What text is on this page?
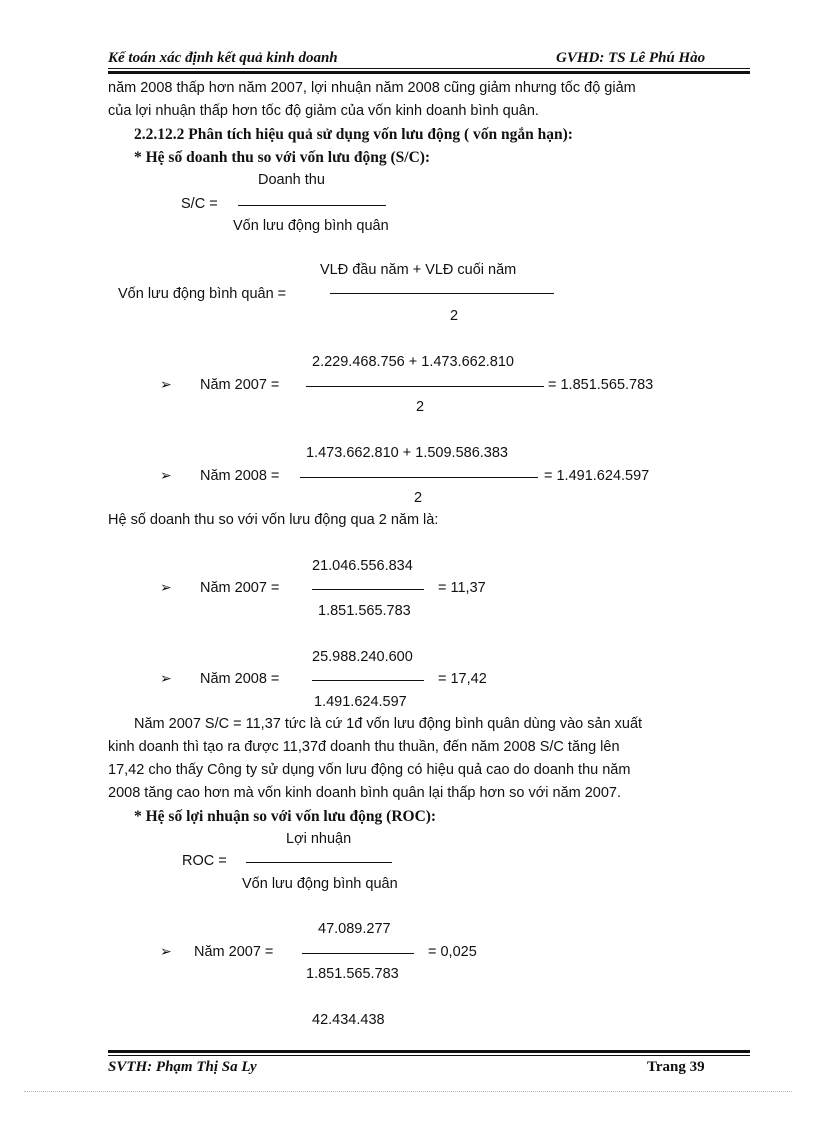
Kế toán xác định kết quả kinh doanh	GVHD: TS Lê Phú Hào
năm 2008 thấp hơn năm 2007, lợi nhuận năm 2008 cũng giảm nhưng tốc độ giảm
của lợi nhuận thấp hơn tốc độ giảm của vốn kinh doanh bình quân.
2.2.12.2 Phân tích hiệu quả sử dụng vốn lưu động ( vốn ngắn hạn):
* Hệ số doanh thu so với vốn lưu động (S/C):
Doanh thu
S/C =
Vốn lưu động bình quân
VLĐ đầu năm + VLĐ cuối năm
Vốn lưu động bình quân =
2
2.229.468.756 + 1.473.662.810
➢ Năm 2007 =	= 1.851.565.783
2
1.473.662.810 + 1.509.586.383
➢ Năm 2008 =	= 1.491.624.597
2
Hệ số doanh thu so với vốn lưu động qua 2 năm là:
21.046.556.834
➢ Năm 2007 =	= 11,37
1.851.565.783
25.988.240.600
➢ Năm 2008 =	= 17,42
1.491.624.597
Năm 2007 S/C = 11,37 tức là cứ 1đ vốn lưu động bình quân dùng vào sản xuất
kinh doanh thì tạo ra được 11,37đ doanh thu thuần, đến năm 2008 S/C tăng lên
17,42 cho thấy Công ty sử dụng vốn lưu động có hiệu quả cao do doanh thu năm
2008 tăng cao hơn mà vốn kinh doanh bình quân lại thấp hơn so với năm 2007.
* Hệ số lợi nhuận so với vốn lưu động (ROC):
Lợi nhuận
ROC =
Vốn lưu động bình quân
47.089.277
➢ Năm 2007 =	= 0,025
1.851.565.783
42.434.438
SVTH: Phạm Thị Sa Ly	Trang 39
